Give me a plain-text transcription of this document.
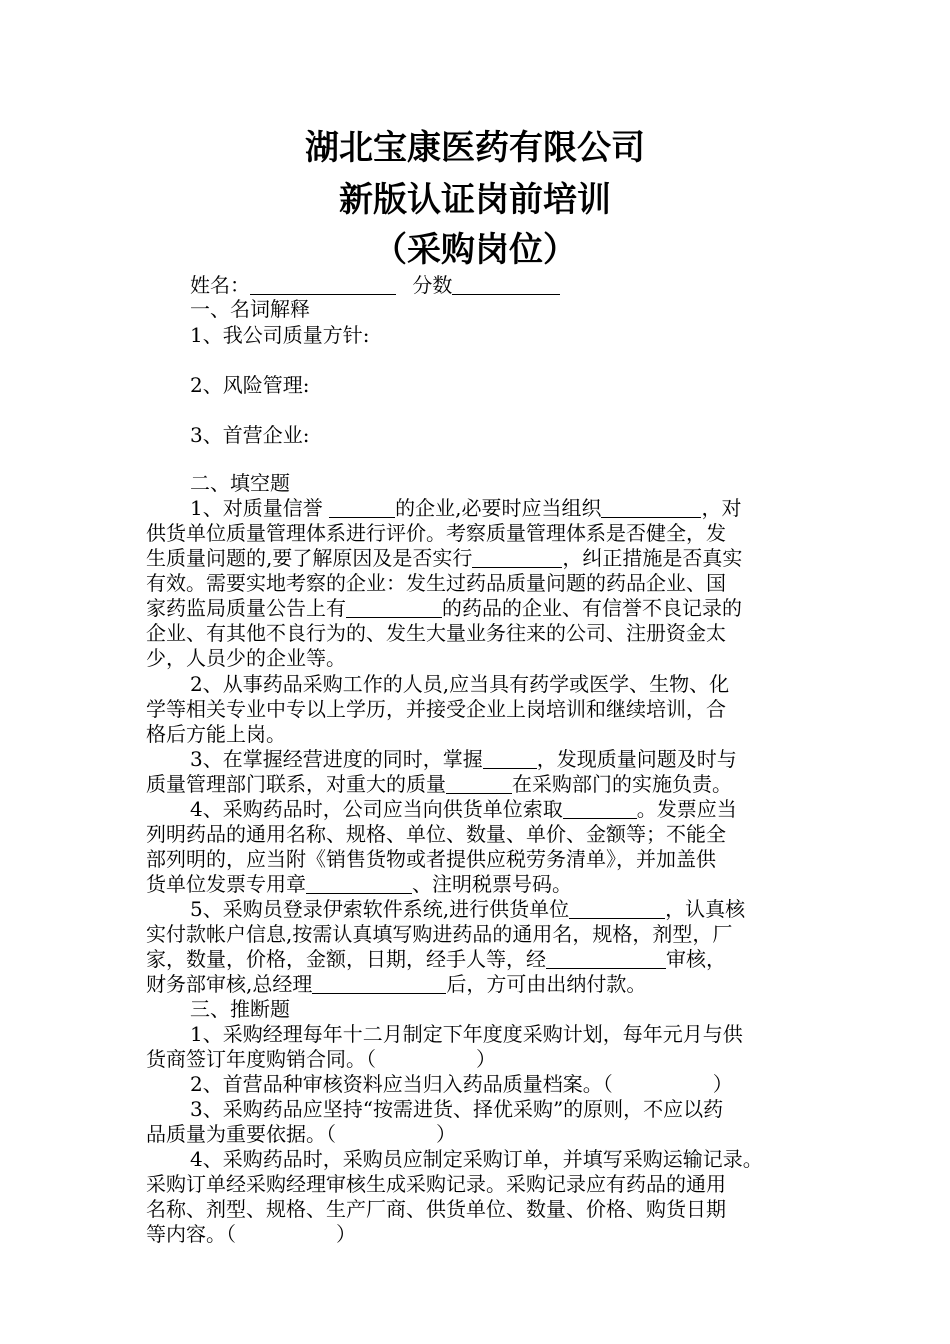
湖北宝康医药有限公司
新版认证岗前培训
（采购岗位）
姓名：	分数
一、名词解释
1、我公司质量方针:
2、风险管理:
3、首营企业:
二、填空题
1、对质量信誉	的企业,必要时应当组织	，对
供货单位质量管理体系进行评价。考察质量管理体系是否健全，发
生质量问题的,要了解原因及是否实行	，纠正措施是否真实
有效。需要实地考察的企业：发生过药品质量问题的药品企业、国
家药监局质量公告上有	的药品的企业、有信誉不良记录的
企业、有其他不良行为的、发生大量业务往来的公司、注册资金太
少，人员少的企业等。
2、从事药品采购工作的人员,应当具有药学或医学、生物、化
学等相关专业中专以上学历，并接受企业上岗培训和继续培训，合
格后方能上岗。
3、在掌握经营进度的同时，掌握	，发现质量问题及时与
质量管理部门联系，对重大的质量	在采购部门的实施负责。
4、采购药品时，公司应当向供货单位索取	。发票应当
列明药品的通用名称、规格、单位、数量、单价、金额等；不能全
部列明的，应当附《销售货物或者提供应税劳务清单》，并加盖供
货单位发票专用章	、注明税票号码。
5、采购员登录伊索软件系统,进行供货单位	，认真核
实付款帐户信息,按需认真填写购进药品的通用名，规格，剂型，厂
家，数量，价格，金额，日期，经手人等，经	审核，
财务部审核,总经理	后，方可由出纳付款。
三、推断题
1、采购经理每年十二月制定下年度度采购计划，每年元月与供
货商签订年度购销合同。（　　　　　）
2、首营品种审核资料应当归入药品质量档案。（　　　　　）
3、采购药品应坚持“按需进货、择优采购”的原则，不应以药
品质量为重要依据。（　　　　　）
4、采购药品时，采购员应制定采购订单，并填写采购运输记录。
采购订单经采购经理审核生成采购记录。采购记录应有药品的通用
名称、剂型、规格、生产厂商、供货单位、数量、价格、购货日期
等内容。（　　　　　）
